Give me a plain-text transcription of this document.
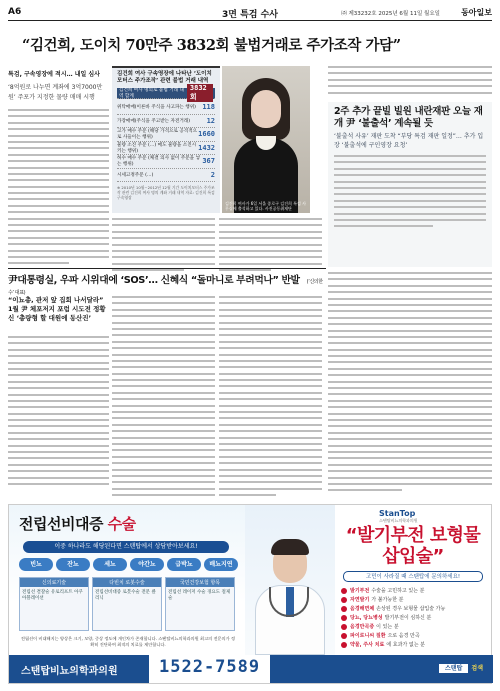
A6	3면 특검 수사	㈜ 제33232호 2025년 6월 11일 월요일	동아일보
“김건희, 도이치 70만주 3832회 불법거래로 주가조작 가담”
특검, 구속영장에 적시… 내일 심사
‘8억원로 나누면 계좌에 3억7000만원’ 주포가 지정한 물량 매매 시행
김건희 여사 구속영장에 나타난 ‘도이치모터스 주가조작’ 관련 불법 거래 내역
김건희 여사 명의로 불법 거래 내역 합계
3832회
위탁매매(이른바 주식을 사고파는 행위) 118
가장매매(주식을 주고받는 자전거래) 12
고가 매수 주문 (해당 가격으로 공격적으로 사들이는 행위)	1660
물량 소진 주문 (…) 매도 물량을 소진시키는 행위)	1432
허수 매수 주문 (체결 의사 없이 주문을 넣는 행위)	367
시세고정주문 (…)	2
※ 2010년 10월~2012년 12월 기간 도이치모터스 주가조작 관련 김건희 여사 명의 계좌 거래 내역 자료: 김건희 특검 구속영장
김건희 여사가 6일 서울 종로구 김건희 특검 사무실에 출석하고 있다. 사진공동취재단
2주 추가 끝빌 빌원 내란재판 오늘 재개 尹 ‘불출석’ 계속될 듯
‘불출석 사유’ 재판 도착 “부당 특검 재판 일정”… 추가 입장 ‘불출석에 구인영장 요청’
尹대통령실, 우파 시위대에 ‘SOS’… 신혜식 “돌마니로 부려먹나” 반발 (‘신의한수’ 대표)
“이뇨총, 관저 앞 집회 나서달라” 1월 尹 체포저지 포럼 시도전 정황 신 ‘총량형 할 대원에 동산진’
전립선비대증 수술
이중 하나라도 해당된다면 스탠탑에서 상담받아보세요!
빈뇨	잔뇨	세뇨	야간뇨	급박뇨	배뇨지연
신의료기술
전립선 결찰술 유로리프트 아쿠아블레이션
다빈치 로봇수술
전립선비대증 로봇수술 전문 클리닉
국민건강보험 항목
전립선 레이저 수술 경요도 절제술
전립선이 비대해지는 양상은 크기, 모양, 중상 정도에 개인차가 존재합니다. 스탠탑비뇨의학과의원 최고의 전문의가 정확히 진단하여 최적의 치료를 제안합니다.
StanTop
스탠탑비뇨의학과의원
“발기부전 보형물 삽입술”
고민이 사라질 때 스탠탑에 문의하세요!
발기부전 수술을 고민하고 있는 분
자연발기 가 불가능한 분
음경해면체 손상된 경우 보형물 삽입술 가능
당뇨, 당뇨병성 발기부전이 심하신 분
음경만곡증 이 있는 분
파이로니씨 질환 으로 음경 만곡
약물, 주사 치료 에 효과가 없는 분
스탠탑비뇨의학과의원	1522-7589	스탠탑 검색
